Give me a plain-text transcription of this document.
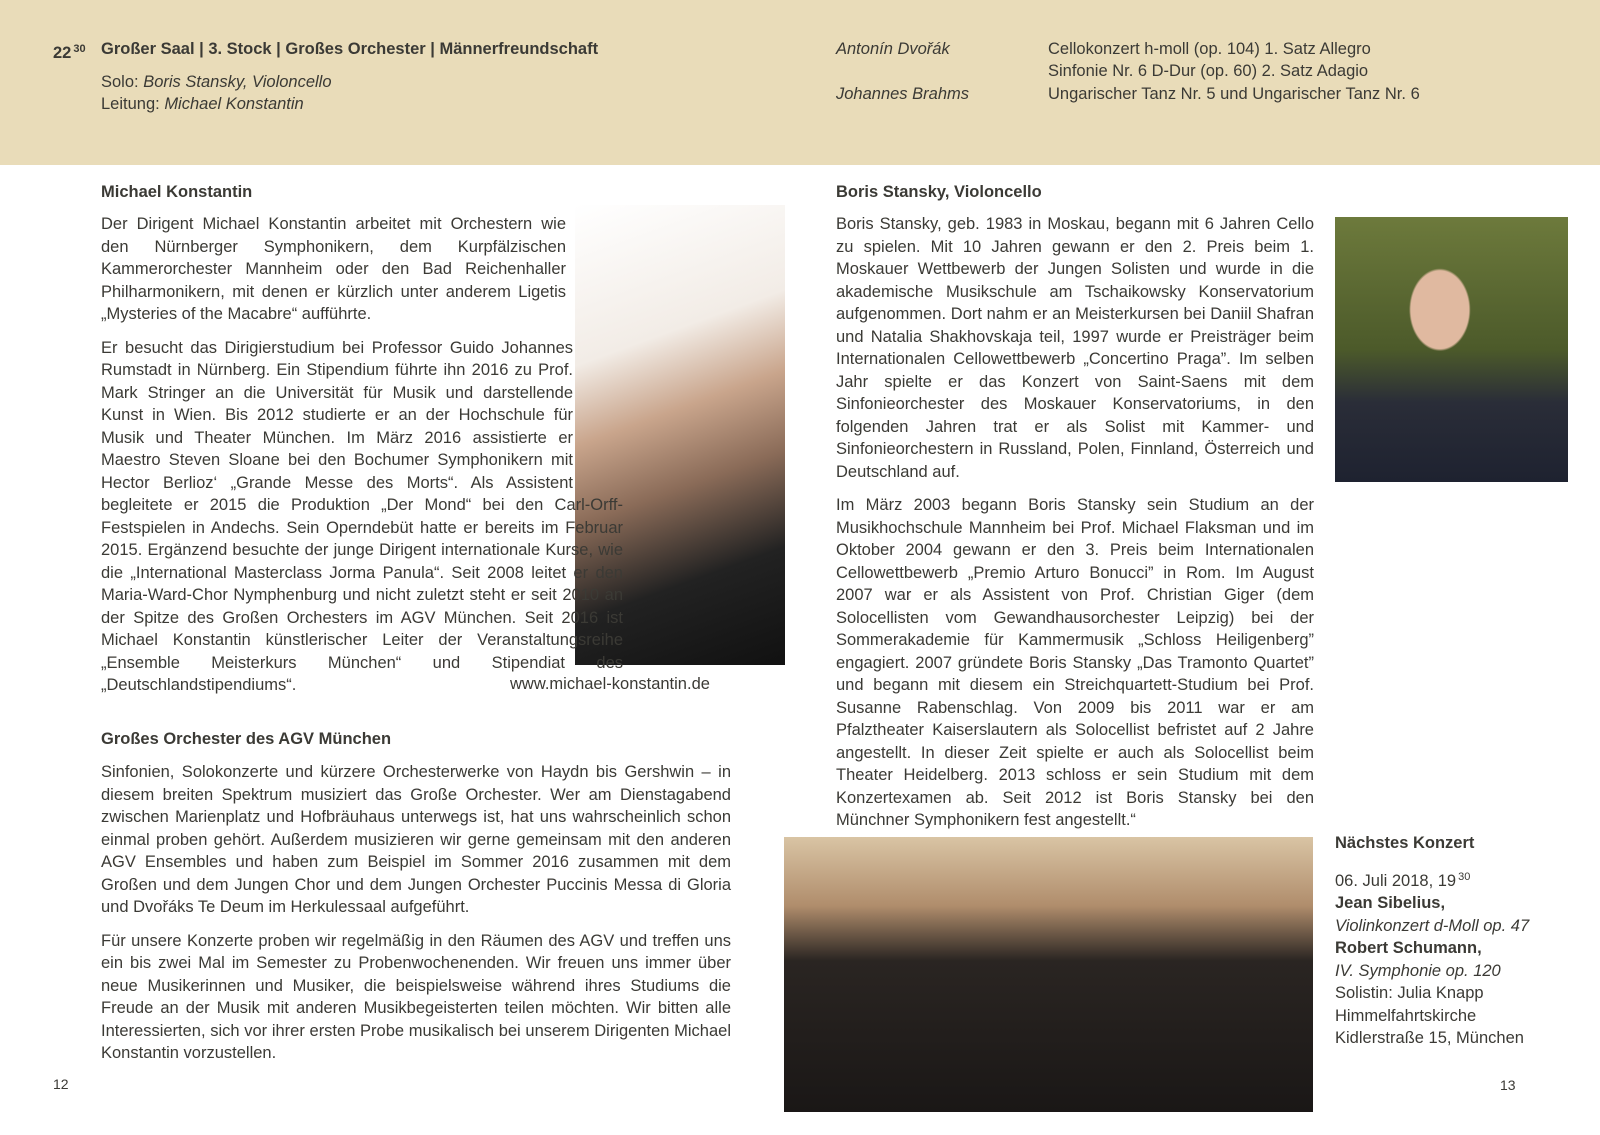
22 $^{30}$ Großer Saal | 3. Stock | Großes Orchester | Männerfreundschaft
Solo: Boris Stansky, Violoncello
Leitung: Michael Konstantin
Antonín Dvořák
Johannes Brahms
Cellokonzert h-moll (op. 104) 1. Satz Allegro
Sinfonie Nr. 6 D-Dur (op. 60) 2. Satz Adagio
Ungarischer Tanz Nr. 5 und Ungarischer Tanz Nr. 6
Michael Konstantin

Der Dirigent Michael Konstantin arbeitet mit Orchestern wie den Nürnberger Symphonikern, dem Kurpfälzischen Kammerorchester Mannheim oder den Bad Reichenhaller Philharmonikern, mit denen er kürzlich unter anderem Ligetis „Mysteries of the Macabre“ aufführte.

Er besucht das Dirigierstudium bei Professor Guido Johannes Rumstadt in Nürnberg. Ein Stipendium führte ihn 2016 zu Prof. Mark Stringer an die Universität für Musik und darstellende Kunst in Wien. Bis 2012 studierte er an der Hochschule für Musik und Theater München. Im März 2016 assistierte er Maestro Steven Sloane bei den Bochumer Symphonikern mit Hector Berlioz‘ „Grande Messe des Morts“. Als Assistent begleitete er 2015 die Produktion „Der Mond“ bei den Carl-Orff-Festspielen in Andechs. Sein Operndebüt hatte er bereits im Februar 2015. Ergänzend besuchte der junge Dirigent internationale Kurse, wie die „International Masterclass Jorma Panula“. Seit 2008 leitet er den Maria-Ward-Chor Nymphenburg und nicht zuletzt steht er seit 2010 an der Spitze des Großen Orchesters im AGV München. Seit 2016 ist Michael Konstantin künstlerischer Leiter der Veranstaltungsreihe „Ensemble Meisterkurs München“ und Stipendiat des „Deutschlandstipendiums“.	www.michael-konstantin.de
Großes Orchester des AGV München

Sinfonien, Solokonzerte und kürzere Orchesterwerke von Haydn bis Gershwin – in diesem breiten Spektrum musiziert das Große Orchester. Wer am Dienstagabend zwischen Marienplatz und Hofbräuhaus unterwegs ist, hat uns wahrscheinlich schon einmal proben gehört. Außerdem musizieren wir gerne gemeinsam mit den anderen AGV Ensembles und haben zum Beispiel im Sommer 2016 zusammen mit dem Großen und dem Jungen Chor und dem Jungen Orchester Puccinis Messa di Gloria und Dvořáks Te Deum im Herkulessaal aufgeführt.

Für unsere Konzerte proben wir regelmäßig in den Räumen des AGV und treffen uns ein bis zwei Mal im Semester zu Probenwochenenden. Wir freuen uns immer über neue Musikerinnen und Musiker, die beispielsweise während ihres Studiums die Freude an der Musik mit anderen Musikbegeisterten teilen möchten. Wir bitten alle Interessierten, sich vor ihrer ersten Probe musikalisch bei unserem Dirigenten Michael Konstantin vorzustellen.

12
Boris Stansky, Violoncello

Boris Stansky, geb. 1983 in Moskau, begann mit 6 Jahren Cello zu spielen. Mit 10 Jahren gewann er den 2. Preis beim 1. Moskauer Wettbewerb der Jungen Solisten und wurde in die akademische Musikschule am Tschaikowsky Konservatorium aufgenommen. Dort nahm er an Meisterkursen bei Daniil Shafran und Natalia Shakhovskaja teil, 1997 wurde er Preisträger beim Internationalen Cellowettbewerb „Concertino Praga”. Im selben Jahr spielte er das Konzert von Saint-Saens mit dem Sinfonieorchester des Moskauer Konservatoriums, in den folgenden Jahren trat er als Solist mit Kammer- und Sinfonieorchestern in Russland, Polen, Finnland, Österreich und Deutschland auf.

Im März 2003 begann Boris Stansky sein Studium an der Musikhochschule Mannheim bei Prof. Michael Flaksman und im Oktober 2004 gewann er den 3. Preis beim Internationalen Cellowettbewerb „Premio Arturo Bonucci” in Rom. Im August 2007 war er als Assistent von Prof. Christian Giger (dem Solocellisten vom Gewandhausorchester Leipzig) bei der Sommerakademie für Kammermusik „Schloss Heiligenberg” engagiert. 2007 gründete Boris Stansky „Das Tramonto Quartet” und begann mit diesem ein Streichquartett-Studium bei Prof. Susanne Rabenschlag. Von 2009 bis 2011 war er am Pfalztheater Kaiserslautern als Solocellist befristet auf 2 Jahre angestellt. In dieser Zeit spielte er auch als Solocellist beim Theater Heidelberg. 2013 schloss er sein Studium mit dem Konzertexamen ab. Seit 2012 ist Boris Stansky bei den Münchner Symphonikern fest angestellt.“

Nächstes Konzert
06. Juli 2018, 19 $^{30}$
Jean Sibelius,
Violinkonzert d-Moll op. 47
Robert Schumann,
IV. Symphonie op. 120
Solistin: Julia Knapp
Himmelfahrtskirche
Kidlerstraße 15, München
13
